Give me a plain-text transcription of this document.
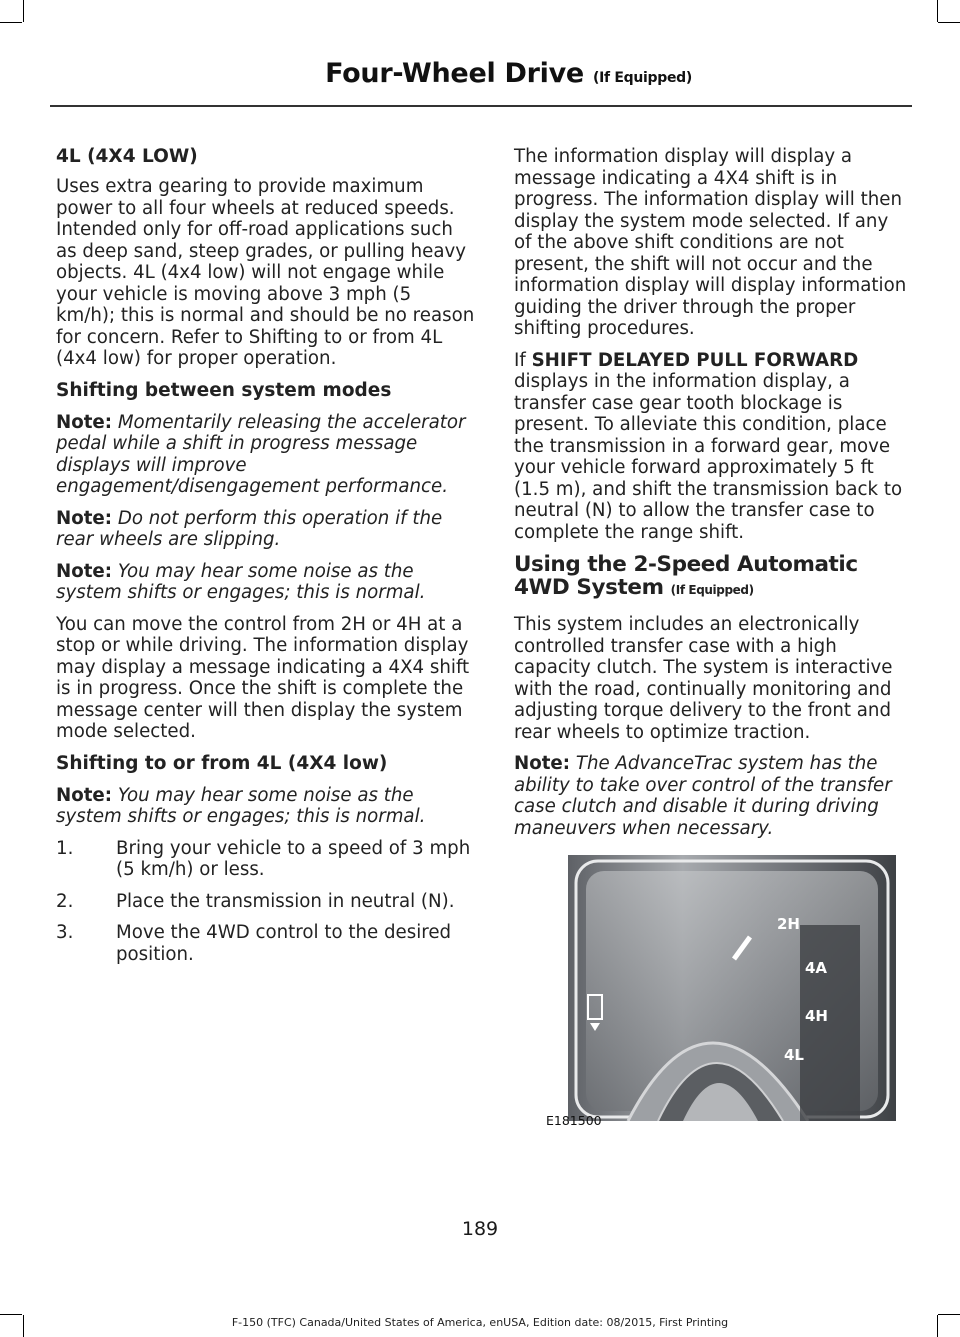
Four-Wheel Drive (If Equipped)
4L (4X4 LOW)

Uses extra gearing to provide maximum power to all four wheels at reduced speeds. Intended only for off-road applications such as deep sand, steep grades, or pulling heavy objects. 4L (4x4 low) will not engage while your vehicle is moving above 3 mph (5 km/h); this is normal and should be no reason for concern. Refer to Shifting to or from 4L (4x4 low) for proper operation.

Shifting between system modes

Note: Momentarily releasing the accelerator pedal while a shift in progress message displays will improve engagement/disengagement performance.

Note: Do not perform this operation if the rear wheels are slipping.

Note: You may hear some noise as the system shifts or engages; this is normal.

You can move the control from 2H or 4H at a stop or while driving. The information display may display a message indicating a 4X4 shift is in progress. Once the shift is complete the message center will then display the system mode selected.

Shifting to or from 4L (4X4 low)

Note: You may hear some noise as the system shifts or engages; this is normal.

1.	Bring your vehicle to a speed of 3 mph (5 km/h) or less.
2.	Place the transmission in neutral (N).
3.	Move the 4WD control to the desired position.

The information display will display a message indicating a 4X4 shift is in progress. The information display will then display the system mode selected. If any of the above shift conditions are not present, the shift will not occur and the information display will display information guiding the driver through the proper shifting procedures.

If SHIFT DELAYED PULL FORWARD displays in the information display, a transfer case gear tooth blockage is present. To alleviate this condition, place the transmission in a forward gear, move your vehicle forward approximately 5 ft (1.5 m), and shift the transmission back to neutral (N) to allow the transfer case to complete the range shift.

Using the 2-Speed Automatic 4WD System (If Equipped)

This system includes an electronically controlled transfer case with a high capacity clutch. The system is interactive with the road, continually monitoring and adjusting torque delivery to the front and rear wheels to optimize traction.

Note: The AdvanceTrac system has the ability to take over control of the transfer case clutch and disable it during driving maneuvers when necessary.

2H
4A
4H
4L
E181500
189
F-150 (TFC) Canada/United States of America, enUSA, Edition date: 08/2015, First Printing
